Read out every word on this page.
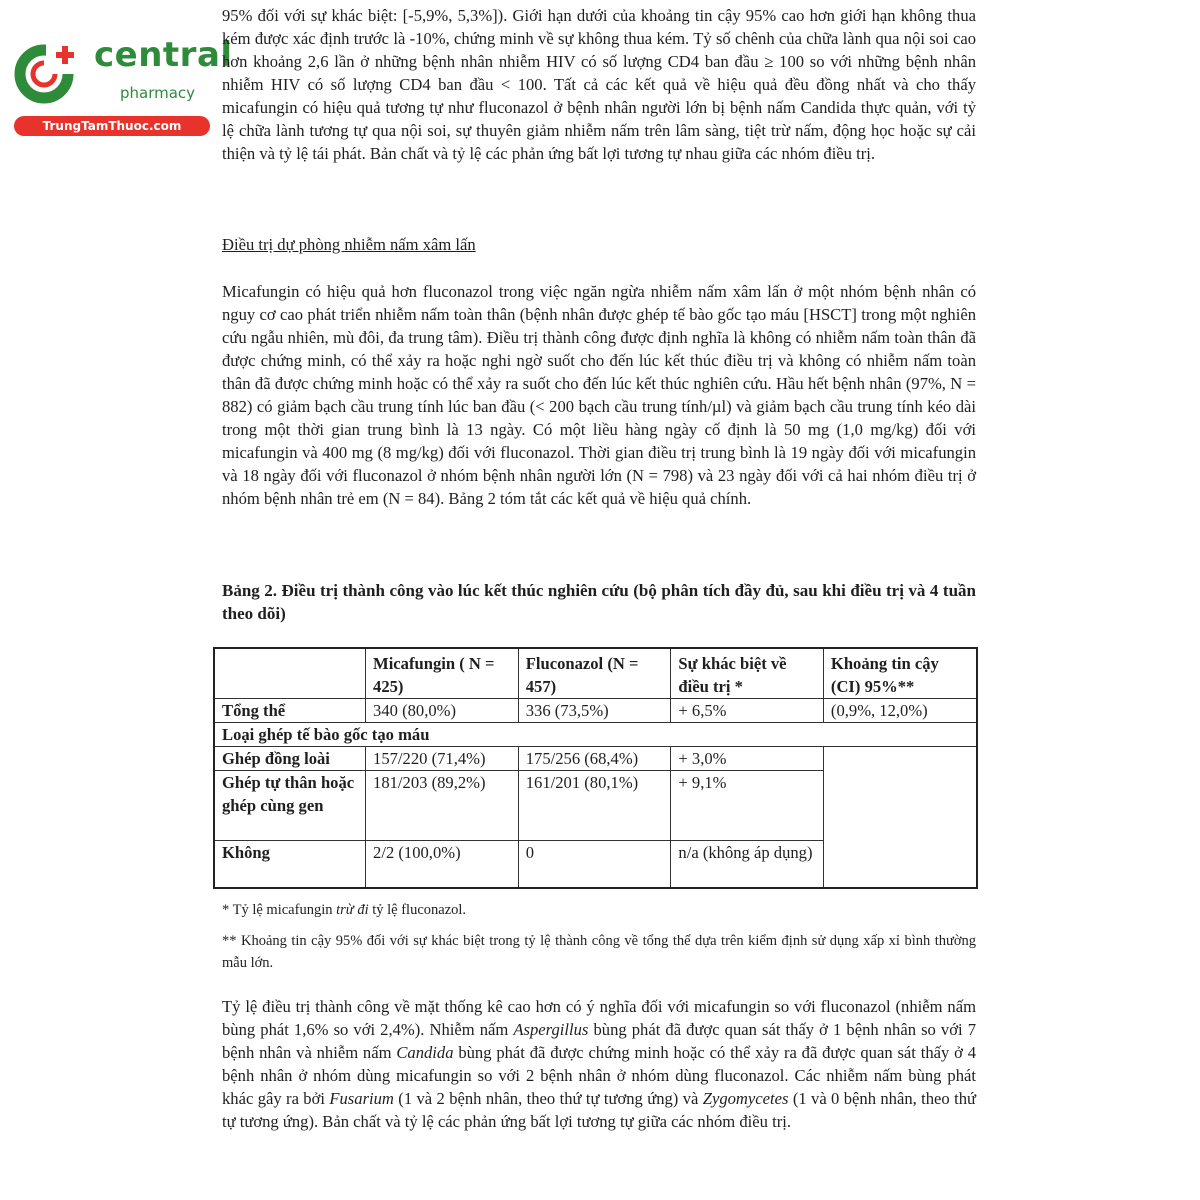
central
pharmacy
TrungTamThuoc.com
95% đối với sự khác biệt: [-5,9%, 5,3%]). Giới hạn dưới của khoảng tin cậy 95% cao hơn giới hạn không thua kém được xác định trước là -10%, chứng minh về sự không thua kém. Tỷ số chênh của chữa lành qua nội soi cao hơn khoảng 2,6 lần ở những bệnh nhân nhiễm HIV có số lượng CD4 ban đầu ≥ 100 so với những bệnh nhân nhiễm HIV có số lượng CD4 ban đầu < 100. Tất cả các kết quả về hiệu quả đều đồng nhất và cho thấy micafungin có hiệu quả tương tự như fluconazol ở bệnh nhân người lớn bị bệnh nấm Candida thực quản, với tỷ lệ chữa lành tương tự qua nội soi, sự thuyên giảm nhiễm nấm trên lâm sàng, tiệt trừ nấm, động học hoặc sự cải thiện và tỷ lệ tái phát. Bản chất và tỷ lệ các phản ứng bất lợi tương tự nhau giữa các nhóm điều trị.
Điều trị dự phòng nhiễm nấm xâm lấn
Micafungin có hiệu quả hơn fluconazol trong việc ngăn ngừa nhiễm nấm xâm lấn ở một nhóm bệnh nhân có nguy cơ cao phát triển nhiễm nấm toàn thân (bệnh nhân được ghép tế bào gốc tạo máu [HSCT] trong một nghiên cứu ngẫu nhiên, mù đôi, đa trung tâm). Điều trị thành công được định nghĩa là không có nhiễm nấm toàn thân đã được chứng minh, có thể xảy ra hoặc nghi ngờ suốt cho đến lúc kết thúc điều trị và không có nhiễm nấm toàn thân đã được chứng minh hoặc có thể xảy ra suốt cho đến lúc kết thúc nghiên cứu. Hầu hết bệnh nhân (97%, N = 882) có giảm bạch cầu trung tính lúc ban đầu (< 200 bạch cầu trung tính/µl) và giảm bạch cầu trung tính kéo dài trong một thời gian trung bình là 13 ngày. Có một liều hàng ngày cố định là 50 mg (1,0 mg/kg) đối với micafungin và 400 mg (8 mg/kg) đối với fluconazol. Thời gian điều trị trung bình là 19 ngày đối với micafungin và 18 ngày đối với fluconazol ở nhóm bệnh nhân người lớn (N = 798) và 23 ngày đối với cả hai nhóm điều trị ở nhóm bệnh nhân trẻ em (N = 84). Bảng 2 tóm tắt các kết quả về hiệu quả chính.
Bảng 2. Điều trị thành công vào lúc kết thúc nghiên cứu (bộ phân tích đầy đủ, sau khi điều trị và 4 tuần theo dõi)
	Micafungin ( N = 425)	Fluconazol (N = 457)	Sự khác biệt về điều trị *	Khoảng tin cậy (CI) 95%**
Tổng thể	340 (80,0%)	336 (73,5%)	+ 6,5%	(0,9%, 12,0%)
Loại ghép tế bào gốc tạo máu				
Ghép đồng loài	157/220 (71,4%)	175/256 (68,4%)	+ 3,0%	
Ghép tự thân hoặc ghép cùng gen	181/203 (89,2%)	161/201 (80,1%)	+ 9,1%	
Không	2/2 (100,0%)	0	n/a (không áp dụng)	
* Tỷ lệ micafungin trừ đi tỷ lệ fluconazol.
** Khoảng tin cậy 95% đối với sự khác biệt trong tỷ lệ thành công về tổng thể dựa trên kiểm định sử dụng xấp xỉ bình thường mẫu lớn.
Tỷ lệ điều trị thành công về mặt thống kê cao hơn có ý nghĩa đối với micafungin so với fluconazol (nhiễm nấm bùng phát 1,6% so với 2,4%). Nhiễm nấm Aspergillus bùng phát đã được quan sát thấy ở 1 bệnh nhân so với 7 bệnh nhân và nhiễm nấm Candida bùng phát đã được chứng minh hoặc có thể xảy ra đã được quan sát thấy ở 4 bệnh nhân ở nhóm dùng micafungin so với 2 bệnh nhân ở nhóm dùng fluconazol. Các nhiễm nấm bùng phát khác gây ra bởi Fusarium (1 và 2 bệnh nhân, theo thứ tự tương ứng) và Zygomycetes (1 và 0 bệnh nhân, theo thứ tự tương ứng). Bản chất và tỷ lệ các phản ứng bất lợi tương tự giữa các nhóm điều trị.
